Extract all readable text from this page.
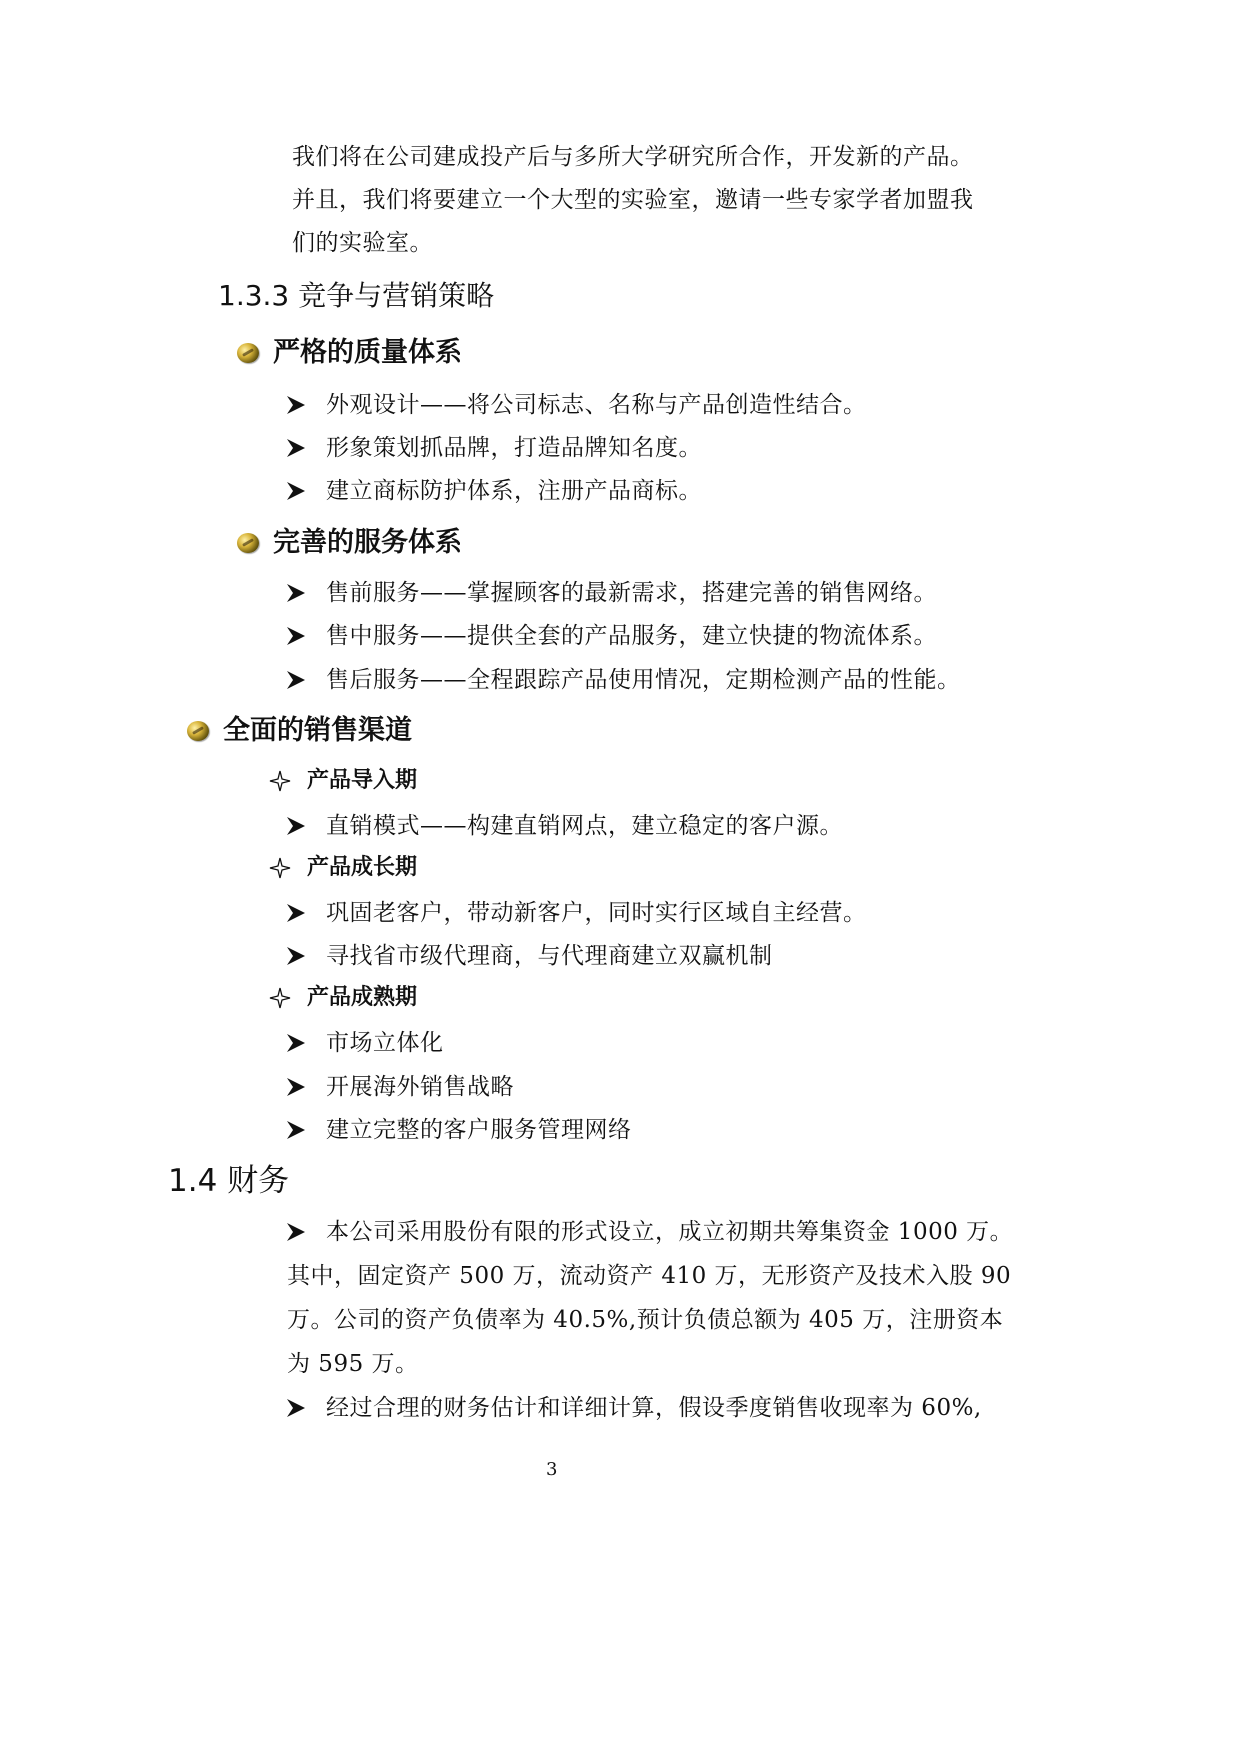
我们将在公司建成投产后与多所大学研究所合作，开发新的产品。
并且，我们将要建立一个大型的实验室，邀请一些专家学者加盟我
们的实验室。
1.3.3 竞争与营销策略
严格的质量体系
外观设计——将公司标志、名称与产品创造性结合。
形象策划抓品牌，打造品牌知名度。
建立商标防护体系，注册产品商标。
完善的服务体系
售前服务——掌握顾客的最新需求，搭建完善的销售网络。
售中服务——提供全套的产品服务，建立快捷的物流体系。
售后服务——全程跟踪产品使用情况，定期检测产品的性能。
全面的销售渠道
产品导入期
直销模式——构建直销网点，建立稳定的客户源。
产品成长期
巩固老客户，带动新客户，同时实行区域自主经营。
寻找省市级代理商，与代理商建立双赢机制
产品成熟期
市场立体化
开展海外销售战略
建立完整的客户服务管理网络
1.4 财务
本公司采用股份有限的形式设立，成立初期共筹集资金 1000 万。
其中，固定资产 500 万，流动资产 410 万，无形资产及技术入股 90
万。公司的资产负债率为 40.5%,预计负债总额为 405 万，注册资本
为 595 万。
经过合理的财务估计和详细计算，假设季度销售收现率为 60%,
3
